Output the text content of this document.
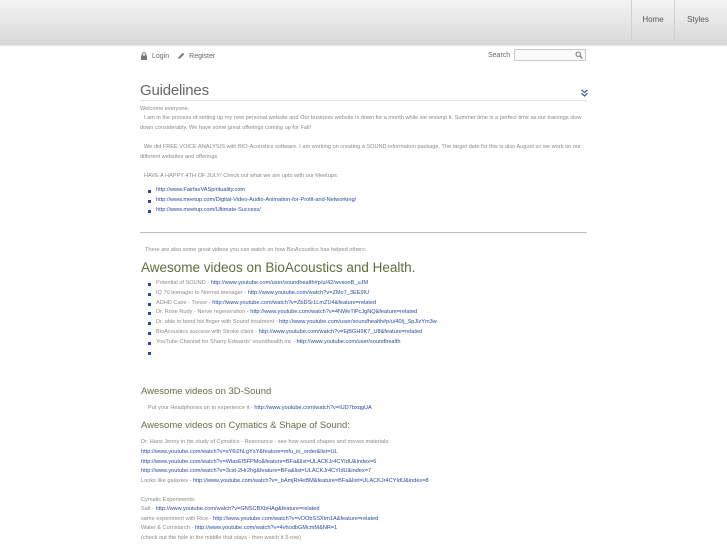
Home	Styles
Login	Register	Search
Guidelines
Welcome everyone,
I am in the process of setting up my new personal website and Our business website is down for a month while we revamp it. Summer time is a perfect time as our trainings slow down considerably. We have some great offerings coming up for Fall!
We did FREE VOICE ANALYSIS with BIO-Acoustics software. I am working on creating a SOUND information package. The target date for this is also August so we work on our different websites and offerings.
HAVE A HAPPY 4TH OF JULY! Check out what we are upto with our Meetups:
http://www.FairfaxVASpirituality.com
http://www.meetup.com/Digital-Video-Audio-Animation-for-Profit-and-Networking/
http://www.meetup.com/Ultimate-Success/
There are also some great videos you can watch on how BioAcoustics has helped others:
Awesome videos on BioAcoustics and Health.
Potential of SOUND - http://www.youtube.com/user/soundhealth#p/u/42/wvsonB_uJM
IQ 70 teenager to Normal teenager - http://www.youtube.com/watch?v=ZMo7_3EE9IU
ADHD Case - Trevor - http://www.youtube.com/watch?v=ZbDSr1LmZU4&feature=related
Dr. Rose Rudy - Nerve regeneration - http://www.youtube.com/watch?v=4NWeTiPcJgNQ&feature=related
Dr. able to bend his finger with Sound treatment - http://www.youtube.com/user/soundhealth#p/u/40/j_SpJlzYm3w
BioAcoustics success with Stroke client - http://www.youtube.com/watch?v=EjBGH9K7_U8&feature=related
YouTube Channel for Sharry Edwards' soundhealth inc - http://www.youtube.com/user/soundhealth
Awesome videos on 3D-Sound
Put your Headphones on to experience it - http://www.youtube.com/watch?v=IUD7bxqgUA
Awesome videos on Cymatics & Shape of Sound:
Dr. Hans Jenny in his study of Cymatics - Resonance - see how sound shapes and moves materials:
http://www.youtube.com/watch?v=sY6i2hLgYsY&feature=mfu_in_order&list=UL
http://www.youtube.com/watch?v=WlasEf5FPMo&feature=BFa&list=ULACKJr4CYIdU&index=6
http://www.youtube.com/watch?v=3cst-2Hr2hg&feature=BFa&list=ULACKJr4CYIdU&index=7
Looks like galaxies - http://www.youtube.com/watch?v=_bAmjRt4eBM&feature=BFa&list=ULACKJr4CYIdU&index=8
Cymatic Experiments:
Salt - http://www.youtube.com/watch?v=GNSCBXbHAg&feature=related
same experiment with Rice - http://www.youtube.com/watch?v=vOObSSXtm1A&feature=related
Water & Cornstarch - http://www.youtube.com/watch?v=4vhodbGMcmM&NR=1
(check out the hole in the middle that stays - then watch it 3-row)
